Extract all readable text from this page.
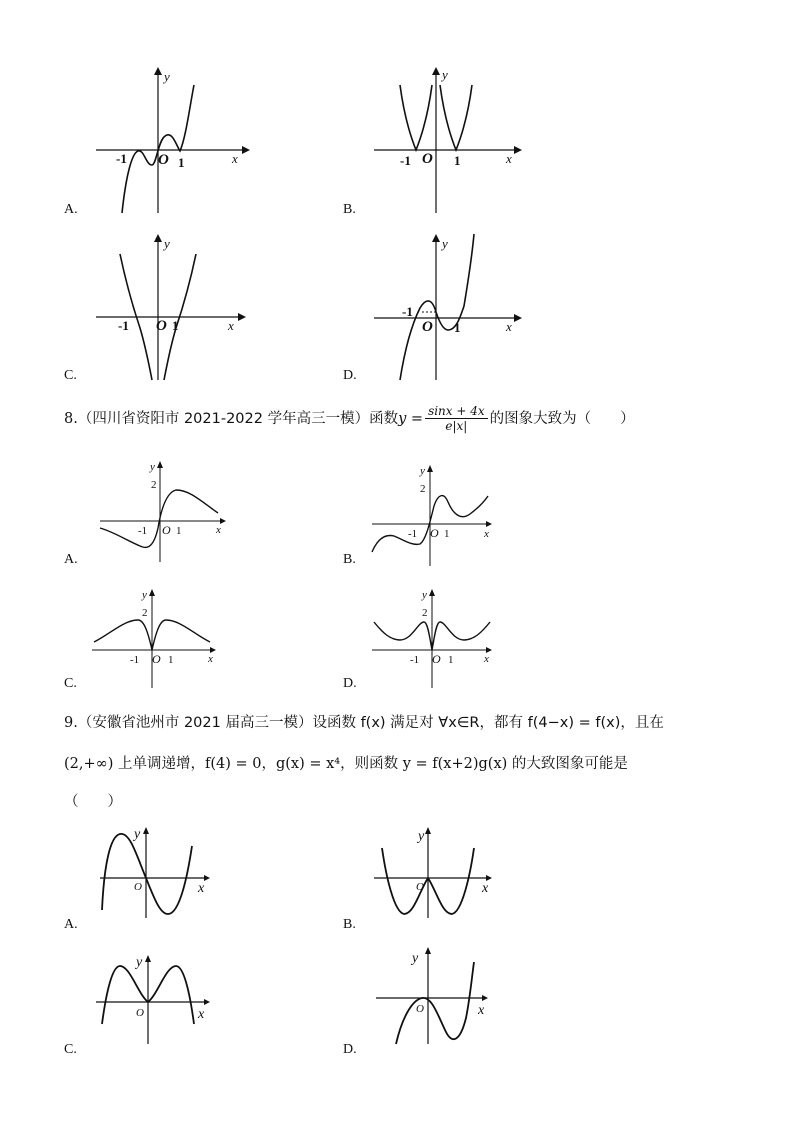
A.	B.
C.	D.
x
y
O
-1	1	x
y
O
-1	1
x
y
O
-1	1	x
y
O
-1
1
8.（四川省资阳市 2021-2022 学年高三一模）函数$y = \frac{\sin x + 4x}{e|x|}$ 的图象大致为（　　）
A.	B.
C.	D.
x
y
O
-1	1
2
x
y
O
-1 1
2
x
y
O
-1	1
2
x
y
O
-1	1
2
9.（安徽省池州市 2021 届高三一模）设函数 f(x) 满足对 ∀x∈R，都有 f(4−x) = f(x)，且在
(2,+∞) 上单调递增，f(4) = 0，g(x) = x⁴，则函数 y = f(x+2)g(x) 的大致图象可能是
（　　）
A.	B.
C.	D.
x
y
O	x
y
O
x
y
O	x
y
O
